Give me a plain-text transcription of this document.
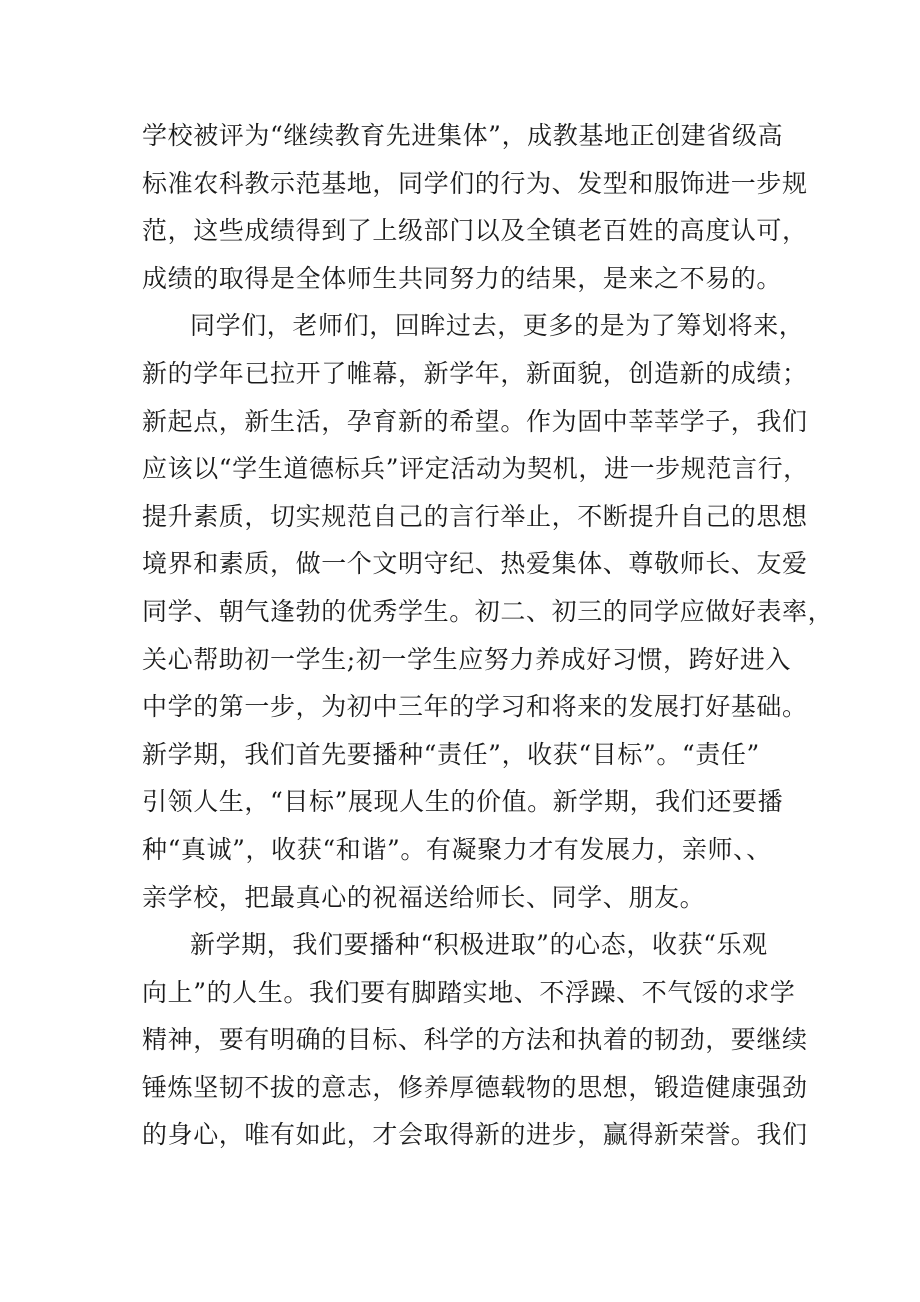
学校被评为“继续教育先进集体”，成教基地正创建省级高
标准农科教示范基地，同学们的行为、发型和服饰进一步规
范，这些成绩得到了上级部门以及全镇老百姓的高度认可，
成绩的取得是全体师生共同努力的结果，是来之不易的。
同学们，老师们，回眸过去，更多的是为了筹划将来，
新的学年已拉开了帷幕，新学年，新面貌，创造新的成绩；
新起点，新生活，孕育新的希望。作为固中莘莘学子，我们
应该以“学生道德标兵”评定活动为契机，进一步规范言行，
提升素质，切实规范自己的言行举止，不断提升自己的思想
境界和素质，做一个文明守纪、热爱集体、尊敬师长、友爱
同学、朝气逢勃的优秀学生。初二、初三的同学应做好表率，
关心帮助初一学生;初一学生应努力养成好习惯，跨好进入
中学的第一步，为初中三年的学习和将来的发展打好基础。
新学期，我们首先要播种“责任”，收获“目标”。“责任”
引领人生，“目标”展现人生的价值。新学期，我们还要播
种“真诚”，收获“和谐”。有凝聚力才有发展力，亲师、、
亲学校，把最真心的祝福送给师长、同学、朋友。
新学期，我们要播种“积极进取”的心态，收获“乐观
向上”的人生。我们要有脚踏实地、不浮躁、不气馁的求学
精神，要有明确的目标、科学的方法和执着的韧劲，要继续
锤炼坚韧不拔的意志，修养厚德载物的思想，锻造健康强劲
的身心，唯有如此，才会取得新的进步，赢得新荣誉。我们
